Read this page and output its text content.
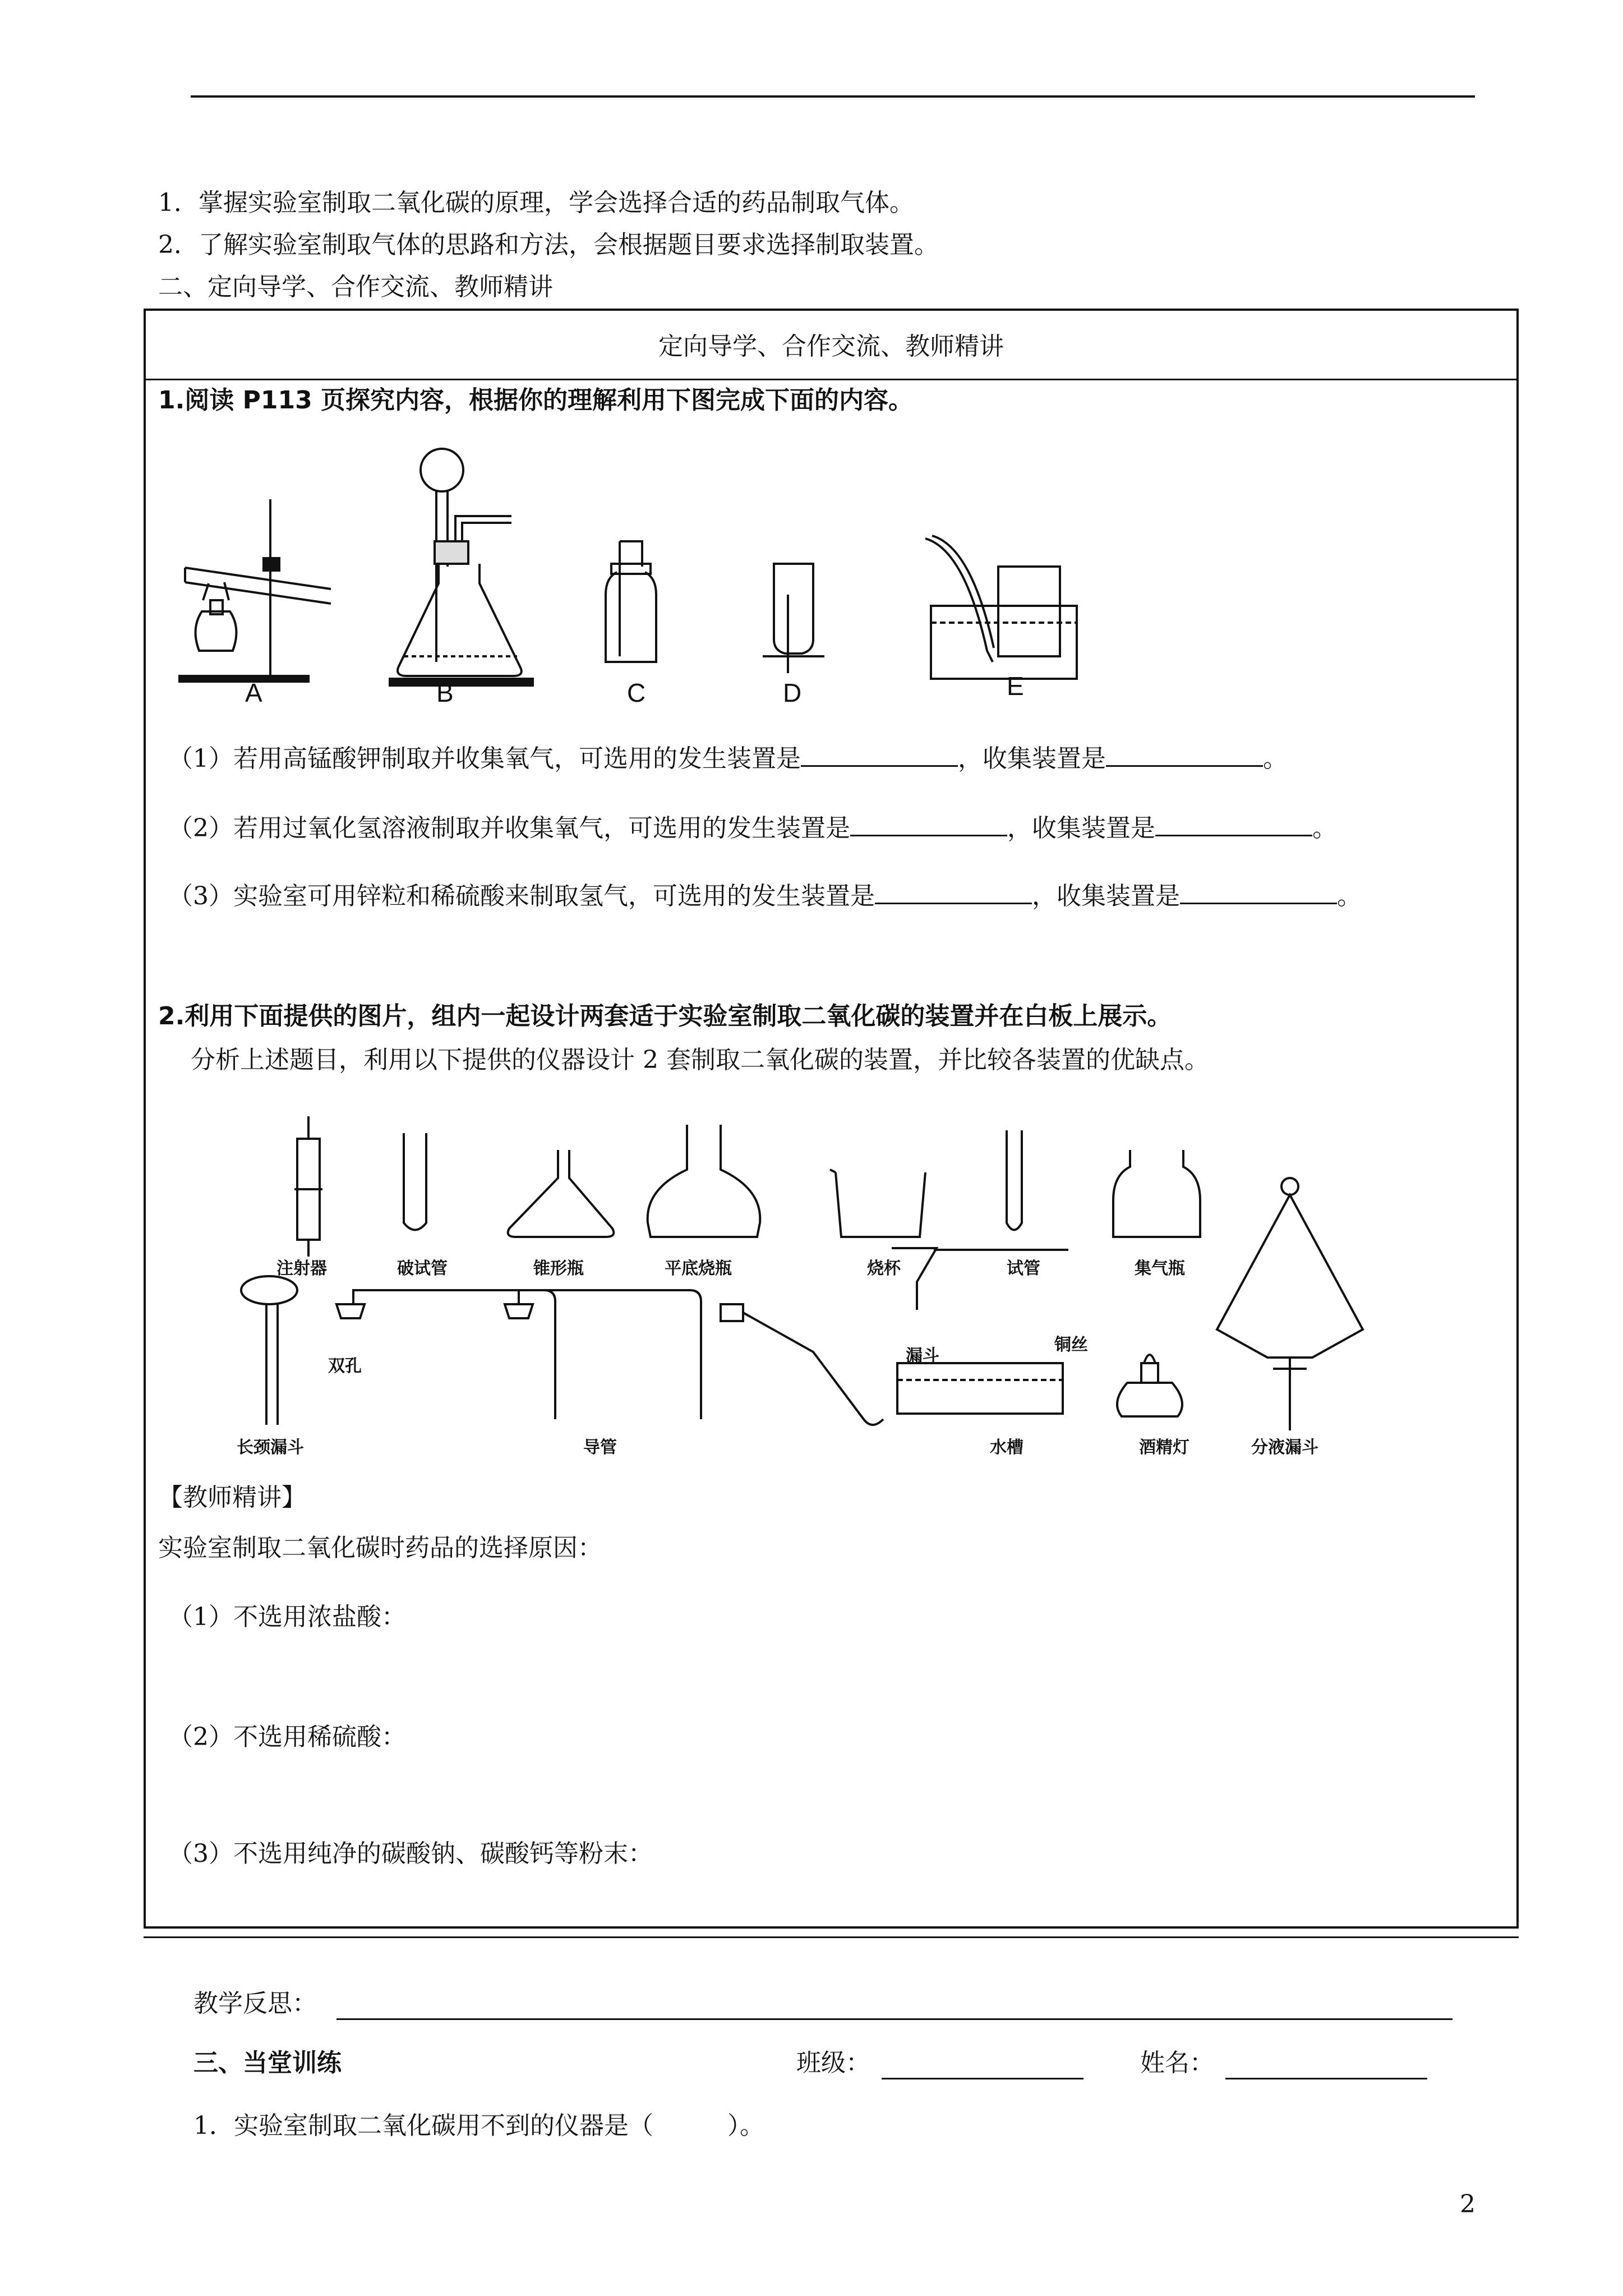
1．掌握实验室制取二氧化碳的原理，学会选择合适的药品制取气体。
2．了解实验室制取气体的思路和方法，会根据题目要求选择制取装置。
二、定向导学、合作交流、教师精讲
定向导学、合作交流、教师精讲
1.阅读 P113 页探究内容，根据你的理解利用下图完成下面的内容。
A	B	C	D	E
（1）若用高锰酸钾制取并收集氧气，可选用的发生装置是	，收集装置是	。
（2）若用过氧化氢溶液制取并收集氧气，可选用的发生装置是	，收集装置是	。
（3）实验室可用锌粒和稀硫酸来制取氢气，可选用的发生装置是	，收集装置是	。
2.利用下面提供的图片，组内一起设计两套适于实验室制取二氧化碳的装置并在白板上展示。
分析上述题目，利用以下提供的仪器设计 2 套制取二氧化碳的装置，并比较各装置的优缺点。
注射器	破试管	锥形瓶	平底烧瓶	烧杯	试管	集气瓶
双孔
漏斗
铜丝
长颈漏斗	导管	水槽	酒精灯	分液漏斗
【教师精讲】
实验室制取二氧化碳时药品的选择原因：
（1）不选用浓盐酸：
（2）不选用稀硫酸：
（3）不选用纯净的碳酸钠、碳酸钙等粉末：
教学反思：
三、当堂训练	班级：	姓名：
1．实验室制取二氧化碳用不到的仪器是（　　　）。
2
